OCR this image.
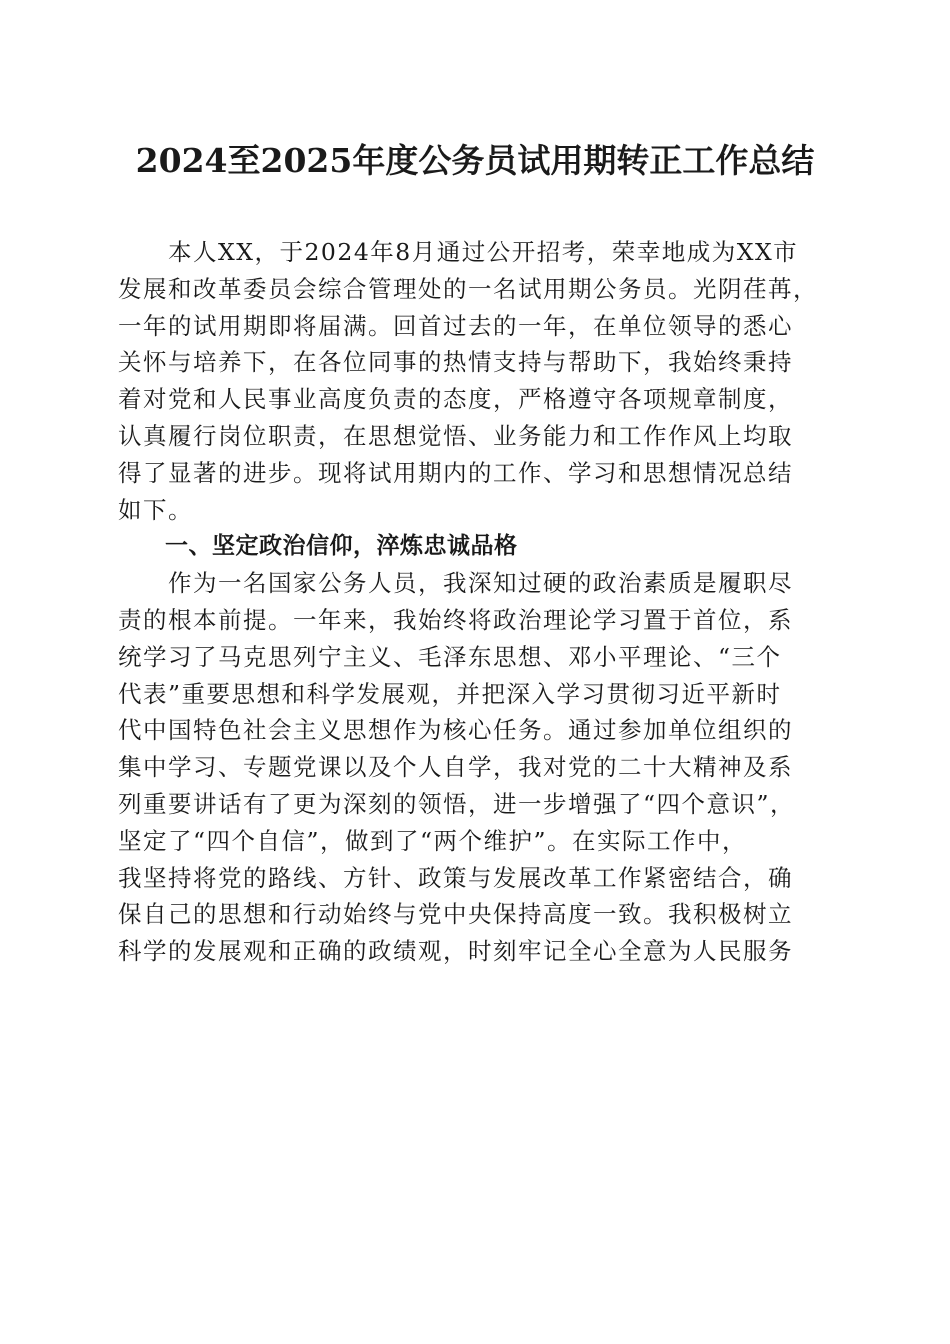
2024至2025年度公务员试用期转正工作总结
　　本人XX，于2024年8月通过公开招考，荣幸地成为XX市
发展和改革委员会综合管理处的一名试用期公务员。光阴荏苒，
一年的试用期即将届满。回首过去的一年，在单位领导的悉心
关怀与培养下，在各位同事的热情支持与帮助下，我始终秉持
着对党和人民事业高度负责的态度，严格遵守各项规章制度，
认真履行岗位职责，在思想觉悟、业务能力和工作作风上均取
得了显著的进步。现将试用期内的工作、学习和思想情况总结
如下。
　　一、坚定政治信仰，淬炼忠诚品格
　　作为一名国家公务人员，我深知过硬的政治素质是履职尽
责的根本前提。一年来，我始终将政治理论学习置于首位，系
统学习了马克思列宁主义、毛泽东思想、邓小平理论、“三个
代表”重要思想和科学发展观，并把深入学习贯彻习近平新时
代中国特色社会主义思想作为核心任务。通过参加单位组织的
集中学习、专题党课以及个人自学，我对党的二十大精神及系
列重要讲话有了更为深刻的领悟，进一步增强了“四个意识”，
坚定了“四个自信”，做到了“两个维护”。在实际工作中，
我坚持将党的路线、方针、政策与发展改革工作紧密结合，确
保自己的思想和行动始终与党中央保持高度一致。我积极树立
科学的发展观和正确的政绩观，时刻牢记全心全意为人民服务
